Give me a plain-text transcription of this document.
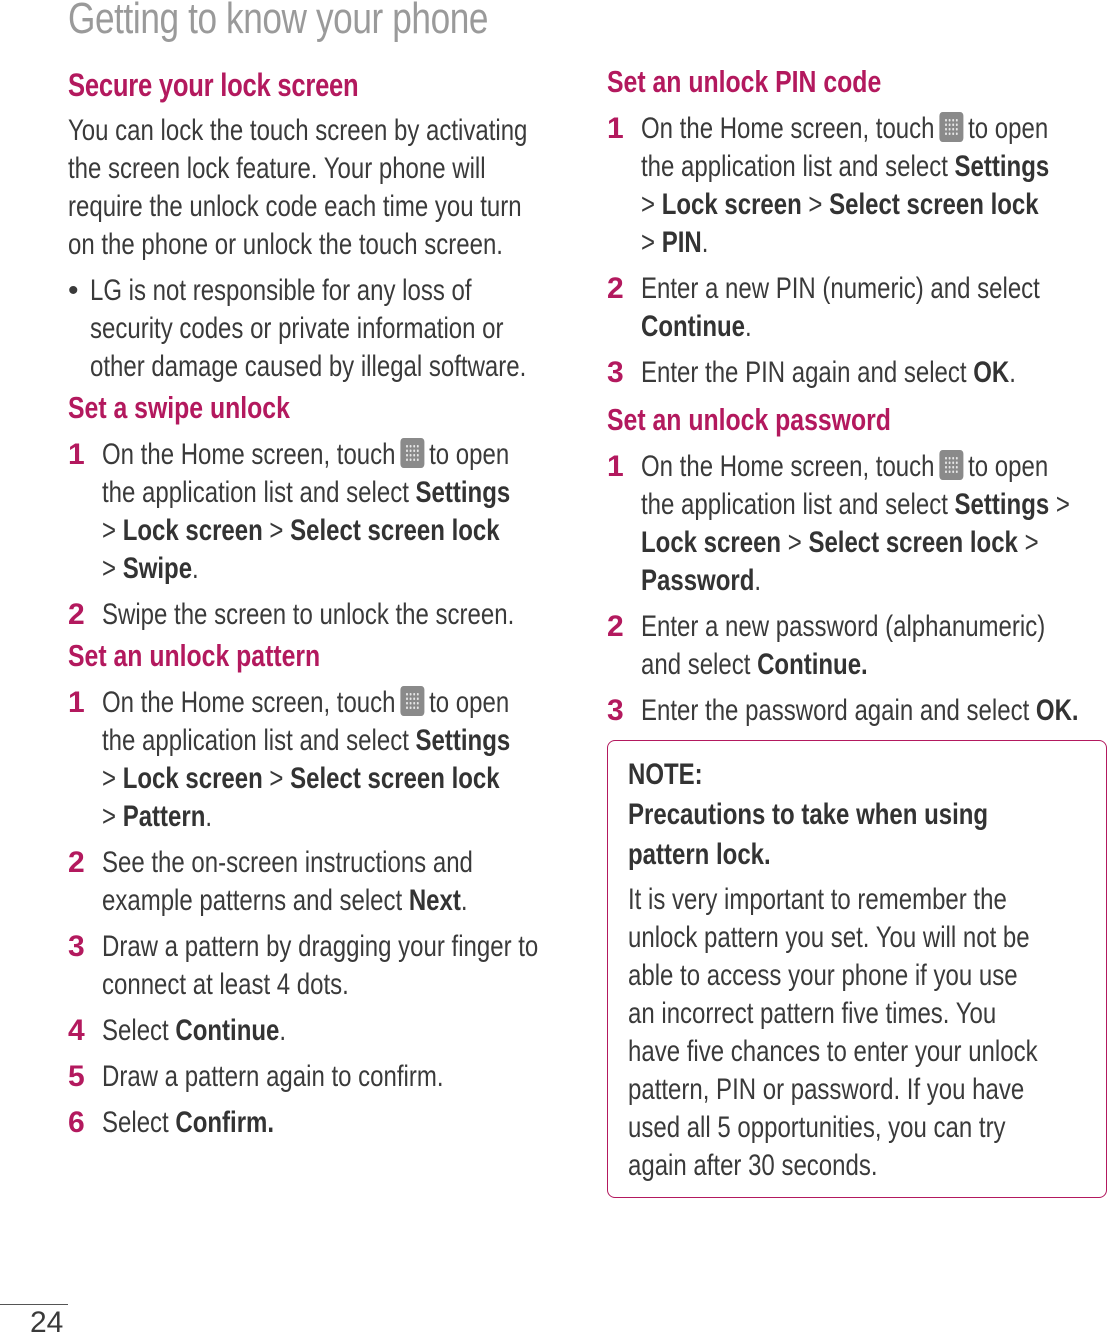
Getting to know your phone
Secure your lock screen
You can lock the touch screen by activating
the screen lock feature. Your phone will
require the unlock code each time you turn
on the phone or unlock the touch screen.
• LG is not responsible for any loss of
security codes or private information or
other damage caused by illegal software.
Set a swipe unlock
1 On the Home screen, touch to open
the application list and select Settings
> Lock screen > Select screen lock
> Swipe.
2 Swipe the screen to unlock the screen.
Set an unlock pattern
1 On the Home screen, touch to open
the application list and select Settings
> Lock screen > Select screen lock
> Pattern.
2 See the on-screen instructions and
example patterns and select Next.
3 Draw a pattern by dragging your finger to
connect at least 4 dots.
4 Select Continue.
5 Draw a pattern again to confirm.
6 Select Confirm.
Set an unlock PIN code
1 On the Home screen, touch to open
the application list and select Settings
> Lock screen > Select screen lock
> PIN.
2 Enter a new PIN (numeric) and select
Continue.
3 Enter the PIN again and select OK.
Set an unlock password
1 On the Home screen, touch to open
the application list and select Settings >
Lock screen > Select screen lock >
Password.
2 Enter a new password (alphanumeric)
and select Continue.
3 Enter the password again and select OK.
NOTE:
Precautions to take when using
pattern lock.
It is very important to remember the
unlock pattern you set. You will not be
able to access your phone if you use
an incorrect pattern five times. You
have five chances to enter your unlock
pattern, PIN or password. If you have
used all 5 opportunities, you can try
again after 30 seconds.
24
